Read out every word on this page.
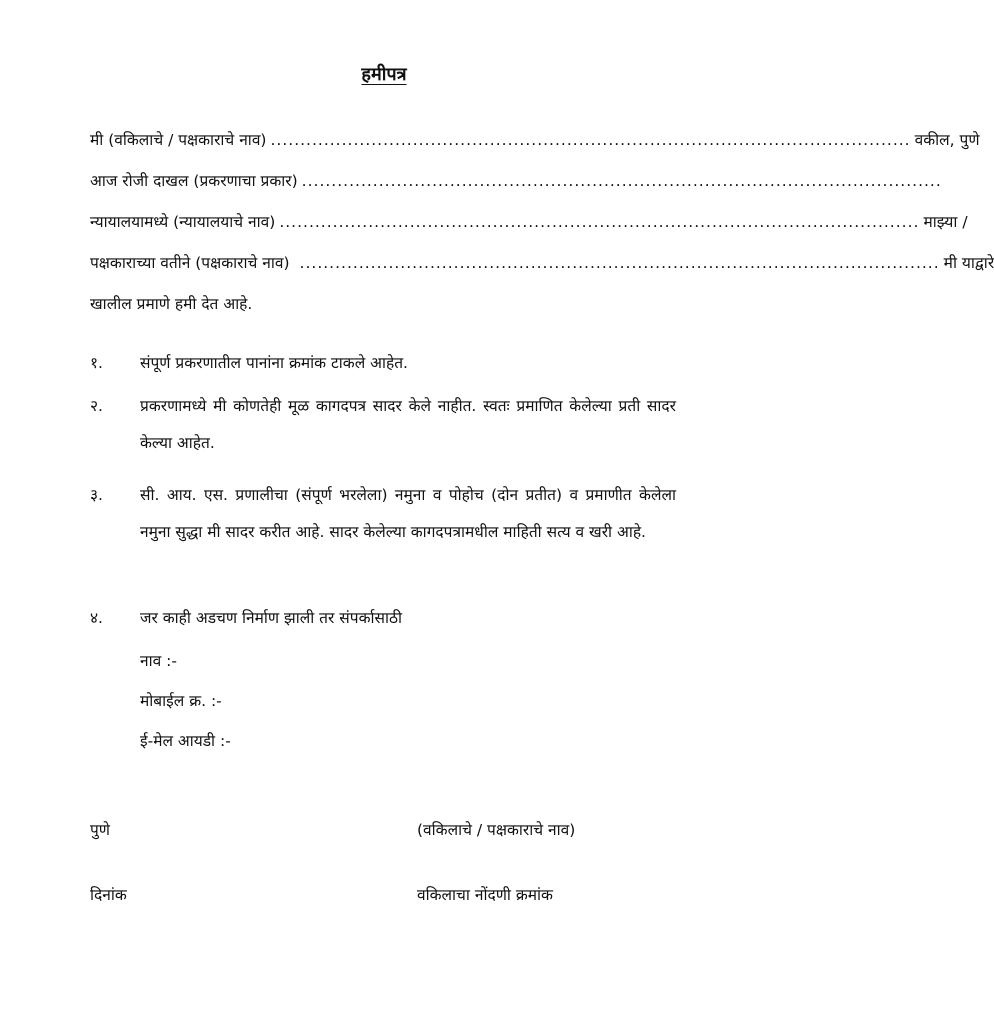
हमीपत्र
मी (वकिलाचे / पक्षकाराचे नाव) ............................................................................................................ वकील, पुणे
आज रोजी दाखल (प्रकरणाचा प्रकार) ............................................................................................................
न्यायालयामध्ये (न्यायालयाचे नाव) ............................................................................................................ माझ्या /
पक्षकाराच्या वतीने (पक्षकाराचे नाव) ............................................................................................................ मी याद्वारे
खालील प्रमाणे हमी देत आहे.
१.	संपूर्ण प्रकरणातील पानांना क्रमांक टाकले आहेत.
२.	प्रकरणामध्ये मी कोणतेही मूळ कागदपत्र सादर केले नाहीत. स्वतः प्रमाणित केलेल्या प्रती सादर केल्या आहेत.
३.	सी. आय. एस. प्रणालीचा (संपूर्ण भरलेला) नमुना व पोहोच (दोन प्रतीत) व प्रमाणीत केलेला नमुना सुद्धा मी सादर करीत आहे. सादर केलेल्या कागदपत्रामधील माहिती सत्य व खरी आहे.
४.	जर काही अडचण निर्माण झाली तर संपर्कासाठी
नाव :-
मोबाईल क्र. :-
ई-मेल आयडी :-
पुणे	(वकिलाचे / पक्षकाराचे नाव)
दिनांक	वकिलाचा नोंदणी क्रमांक
